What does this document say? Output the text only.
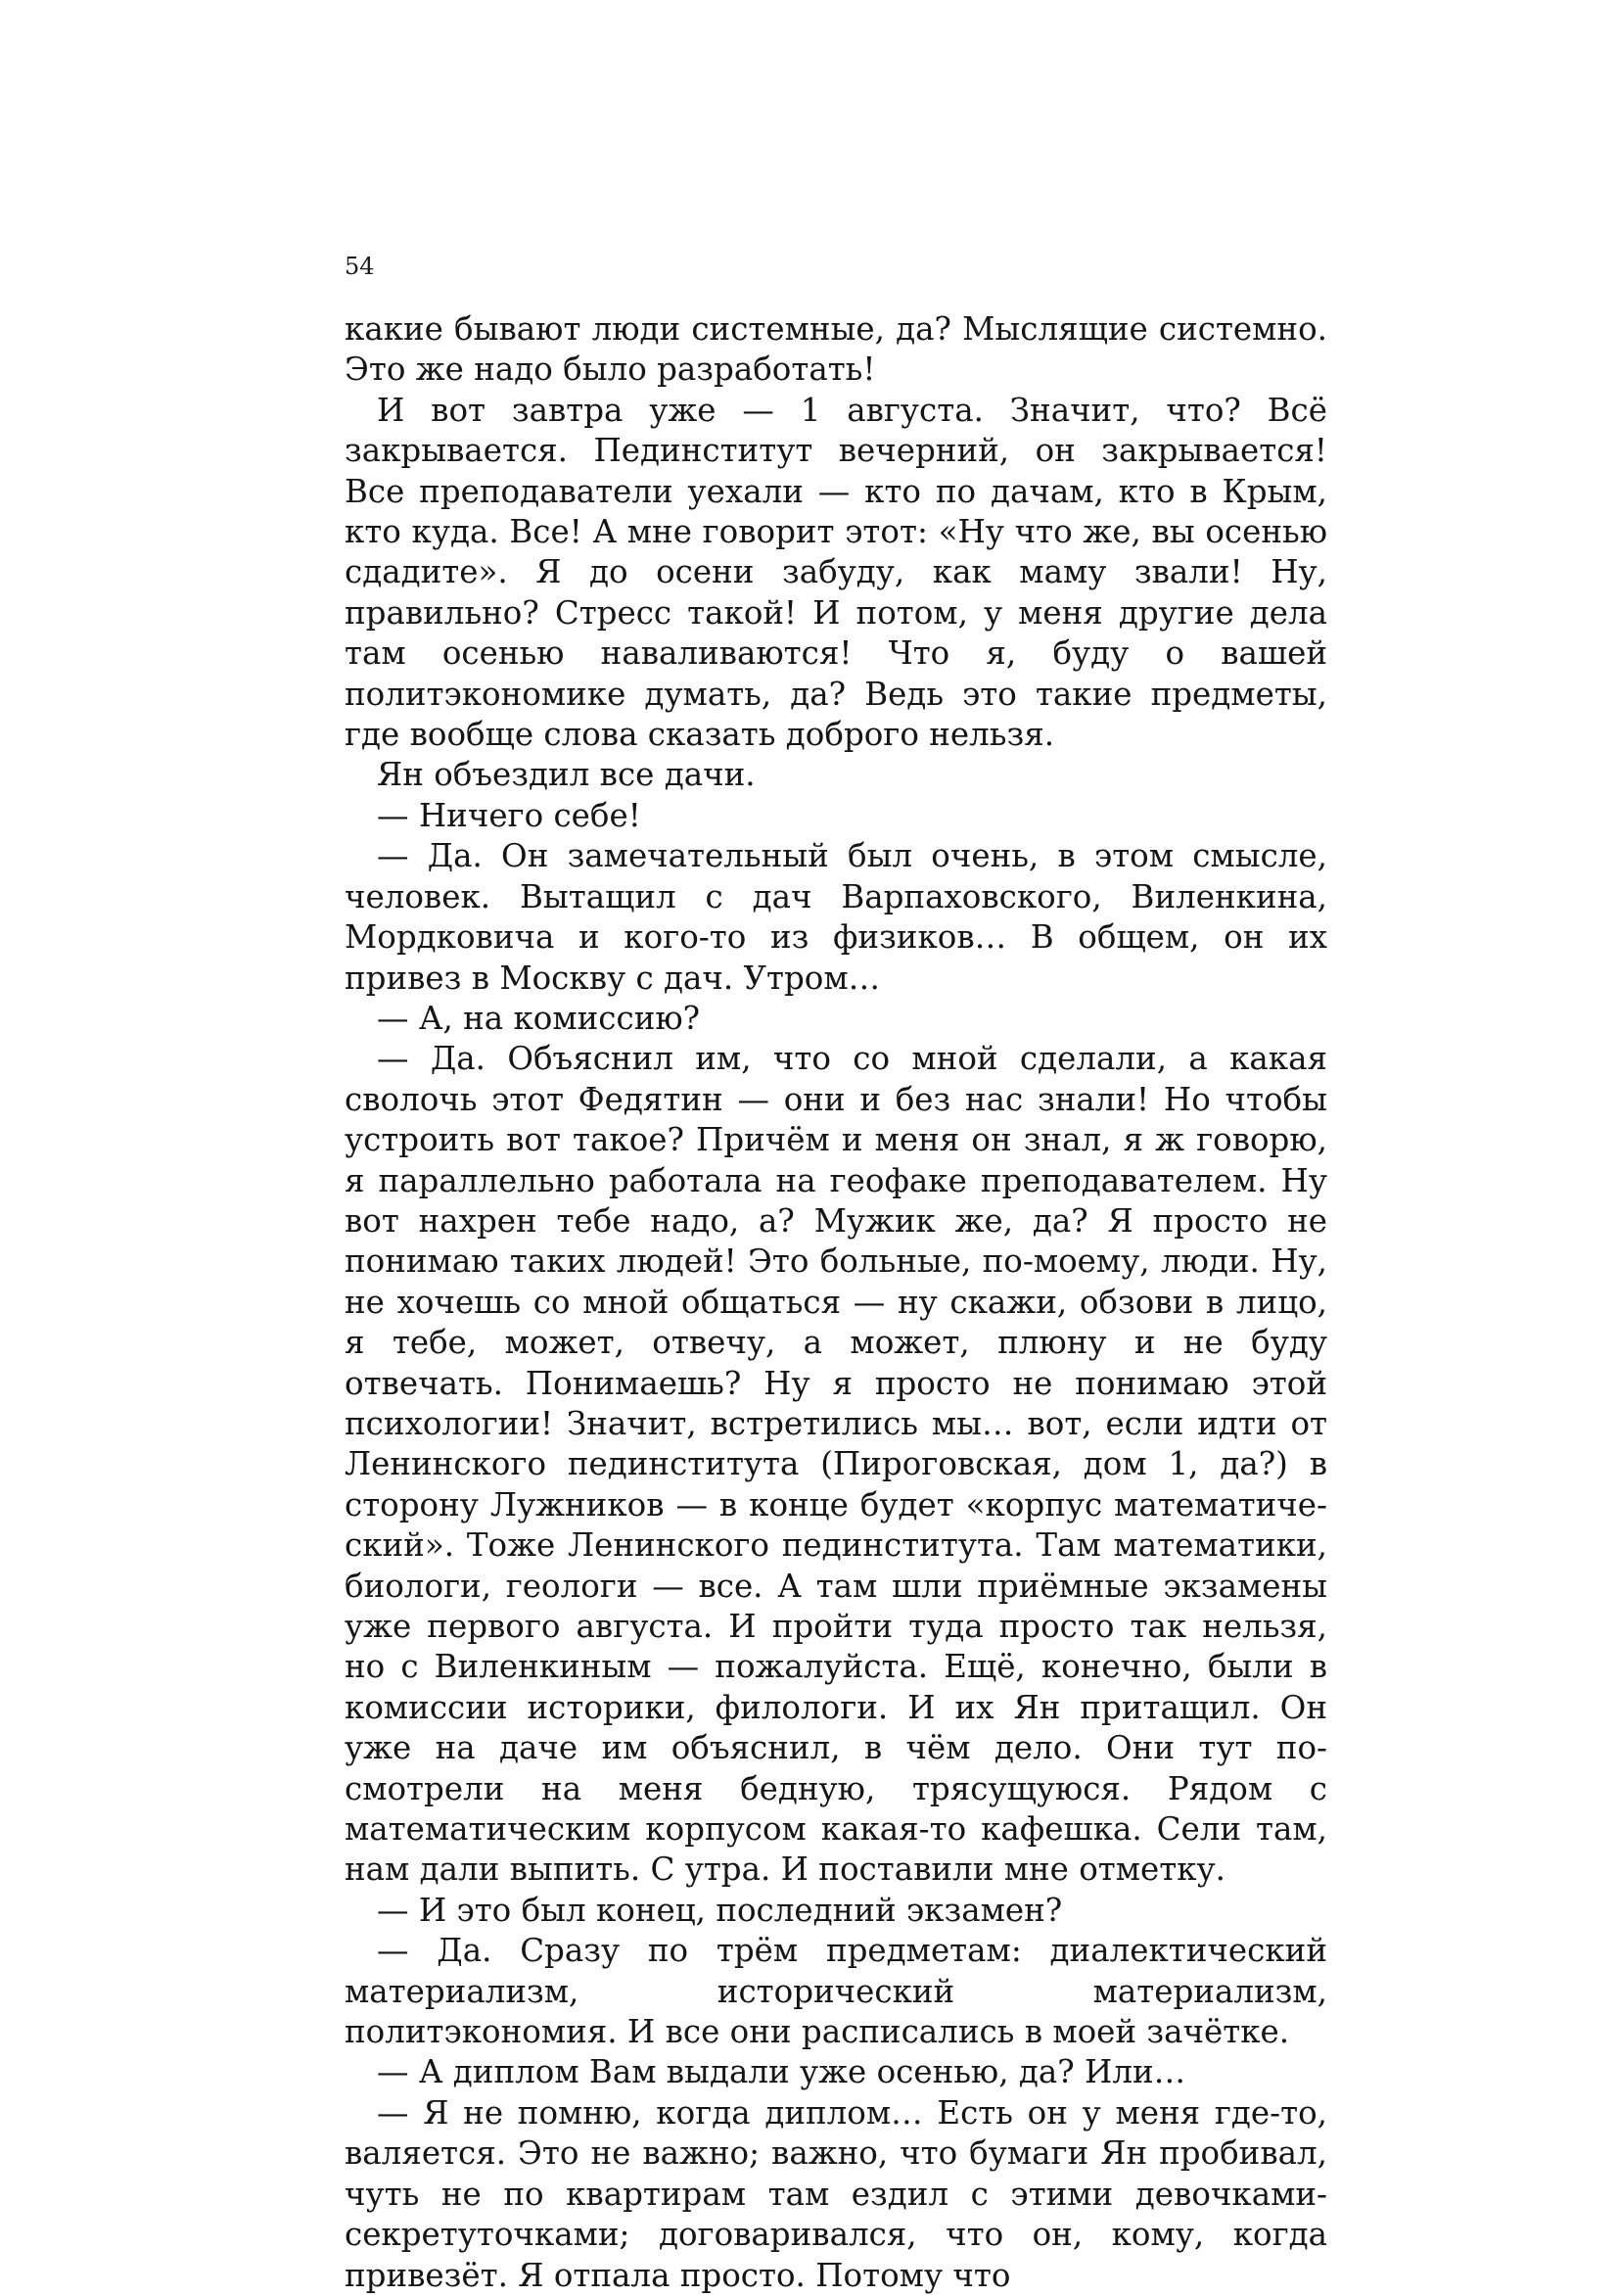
54

какие бывают люди системные, да? Мыслящие системно. Это же надо было разработать!

И вот завтра уже — 1 августа. Значит, что? Всё закрывается. Пединститут вечерний, он закрывается! Все преподаватели уехали — кто по дачам, кто в Крым, кто куда. Все! А мне говорит этот: «Ну что же, вы осенью сдадите». Я до осени забуду, как маму звали! Ну, правильно? Стресс такой! И потом, у меня другие дела там осенью наваливаются! Что я, буду о вашей политэкономике думать, да? Ведь это такие предметы, где вообще слова сказать доброго нельзя.

Ян объездил все дачи.

— Ничего себе!

— Да. Он замечательный был очень, в этом смысле, человек. Вытащил с дач Варпаховского, Виленкина, Мордковича и кого-то из физиков… В общем, он их привез в Москву с дач. Утром…

— А, на комиссию?

— Да. Объяснил им, что со мной сделали, а какая сволочь этот Федятин — они и без нас знали! Но чтобы устроить вот такое? Причём и меня он знал, я ж говорю, я параллельно работала на геофаке преподавателем. Ну вот нахрен тебе надо, а? Мужик же, да? Я просто не понимаю таких людей! Это больные, по-моему, люди. Ну, не хочешь со мной общаться — ну скажи, обзови в лицо, я тебе, может, отвечу, а может, плюну и не буду отвечать. Понимаешь? Ну я просто не понимаю этой психологии! Значит, встретились мы… вот, если идти от Ленинского пединститута (Пироговская, дом 1, да?) в сторону Лужников — в конце будет «корпус математический». Тоже Ленинского пединститута. Там математики, биологи, геологи — все. А там шли приёмные экзамены уже первого августа. И пройти туда просто так нельзя, но с Виленкиным — пожалуйста. Ещё, конечно, были в комиссии историки, филологи. И их Ян притащил. Он уже на даче им объяснил, в чём дело. Они тут посмотрели на меня бедную, трясущуюся. Рядом с математическим корпусом какая-то кафешка. Сели там, нам дали выпить. С утра. И поставили мне отметку.

— И это был конец, последний экзамен?

— Да. Сразу по трём предметам: диалектический материализм, исторический материализм, политэкономия. И все они расписались в моей зачётке.

— А диплом Вам выдали уже осенью, да? Или…

— Я не помню, когда диплом… Есть он у меня где-то, валяется. Это не важно; важно, что бумаги Ян пробивал, чуть не по квартирам там ездил с этими девочками-секретуточками; договаривался, что он, кому, когда привезёт. Я отпала просто. Потому что
